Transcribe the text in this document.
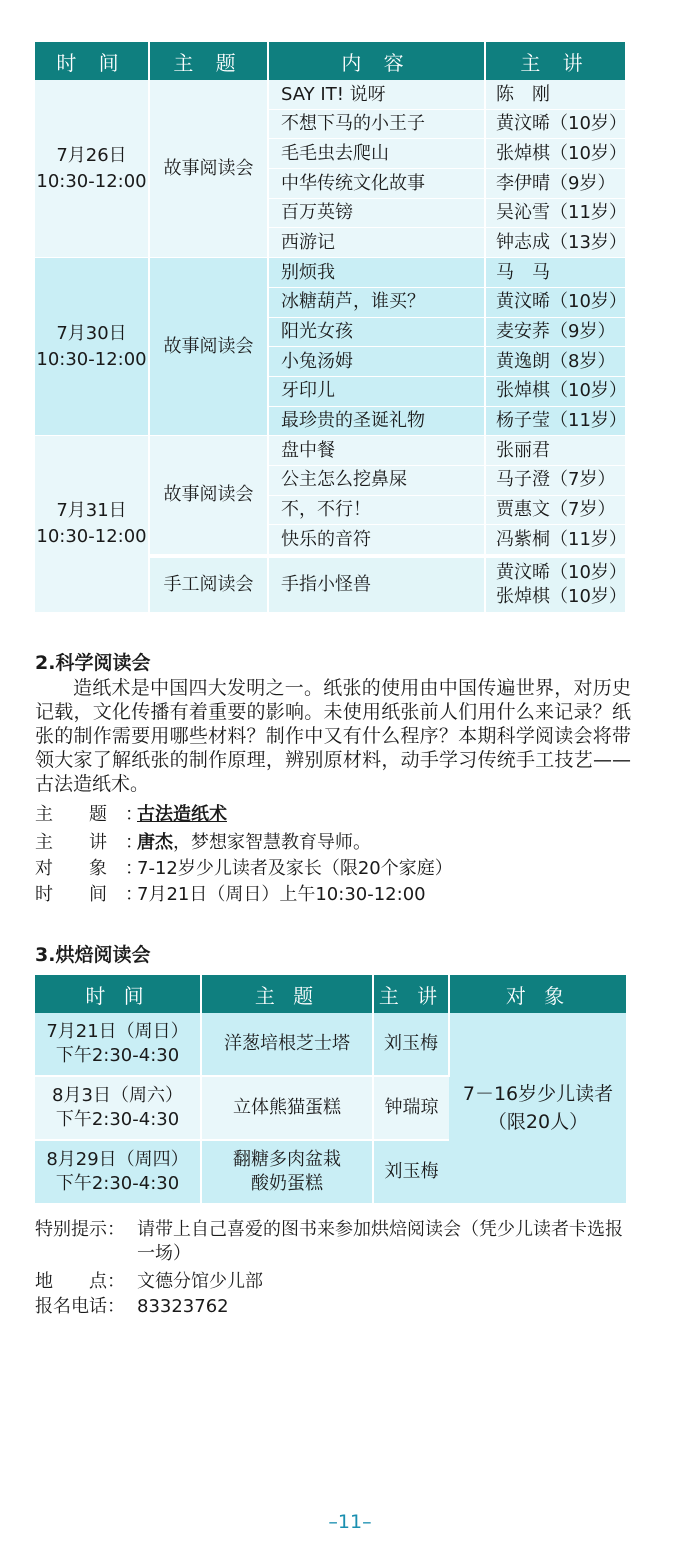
时 间	主 题	内 容	主 讲
7月26日
10:30-12:00	故事阅读会	SAY IT! 说呀	陈　刚
		不想下马的小王子	黄汶晞（10岁）
		毛毛虫去爬山	张焯棋（10岁）
		中华传统文化故事	李伊晴（9岁）
		百万英镑	吴沁雪（11岁）
		西游记	钟志成（13岁）
7月30日
10:30-12:00	故事阅读会	别烦我	马　马
		冰糖葫芦，谁买？	黄汶晞（10岁）
		阳光女孩	麦安荞（9岁）
		小兔汤姆	黄逸朗（8岁）
		牙印儿	张焯棋（10岁）
		最珍贵的圣诞礼物	杨子莹（11岁）
7月31日
10:30-12:00	故事阅读会	盘中餐	张丽君
		公主怎么挖鼻屎	马子澄（7岁）
		不，不行！	贾惠文（7岁）
		快乐的音符	冯紫桐（11岁）

	手工阅读会	手指小怪兽	黄汶晞（10岁）
张焯棋（10岁）
2.科学阅读会
造纸术是中国四大发明之一。纸张的使用由中国传遍世界，对历史记载，文化传播有着重要的影响。未使用纸张前人们用什么来记录？纸张的制作需要用哪些材料？制作中又有什么程序？本期科学阅读会将带领大家了解纸张的制作原理，辨别原材料，动手学习传统手工技艺——古法造纸术。
主　　题 ： 古法造纸术
主　　讲 ： 唐杰，梦想家智慧教育导师。
对　　象 ： 7-12岁少儿读者及家长（限20个家庭）
时　　间 ： 7月21日（周日）上午10:30-12:00
3.烘焙阅读会
时 间	主 题	主 讲	对 象

7月21日（周日）
下午2:30-4:30	洋葱培根芝士塔	刘玉梅	7－16岁少儿读者
（限20人）

8月3日（周六）
下午2:30-4:30	立体熊猫蛋糕	钟瑞琼	

8月29日（周四）
下午2:30-4:30	翻糖多肉盆栽
酸奶蛋糕	刘玉梅	
特别提示： 请带上自己喜爱的图书来参加烘焙阅读会（凭少儿读者卡选报一场）
地　　点： 文德分馆少儿部
报名电话： 83323762
–11–
